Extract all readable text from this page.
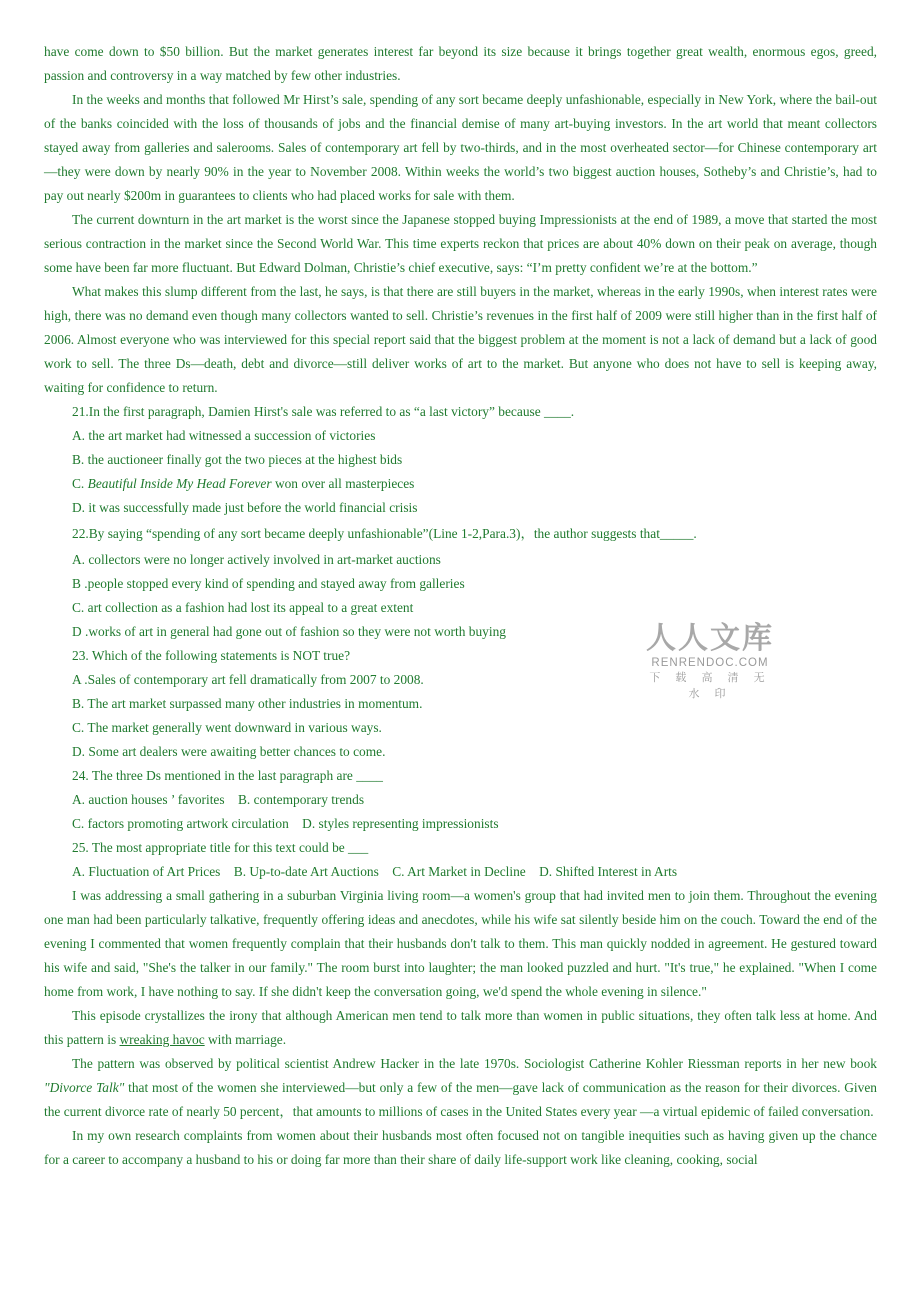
have come down to $50 billion. But the market generates interest far beyond its size because it brings together great wealth, enormous egos, greed,

passion and controversy in a way matched by few other industries.

In the weeks and months that followed Mr Hirst’s sale, spending of any sort became deeply unfashionable, especially in New York, where the bail-out of the banks coincided with the loss of thousands of jobs and the financial demise of many art-buying investors. In the art world that meant collectors stayed away from galleries and salerooms. Sales of contemporary art fell by two-thirds, and in the most overheated sector—for Chinese contemporary art—they were down by nearly 90% in the year to November 2008. Within weeks the world’s two biggest auction houses, Sotheby’s and Christie’s, had to pay out nearly $200m in guarantees to clients who had placed works for sale with them.

The current downturn in the art market is the worst since the Japanese stopped buying Impressionists at the end of 1989, a move that started the most serious contraction in the market since the Second World War. This time experts reckon that prices are about 40% down on their peak on average, though some have been far more fluctuant. But Edward Dolman, Christie’s chief executive, says: “I’m pretty confident we’re at the bottom.”

What makes this slump different from the last, he says, is that there are still buyers in the market, whereas in the early 1990s, when interest rates were high, there was no demand even though many collectors wanted to sell. Christie’s revenues in the first half of 2009 were still higher than in the first half of 2006. Almost everyone who was interviewed for this special report said that the biggest problem at the moment is not a lack of demand but a lack of good work to sell. The three Ds—death, debt and divorce—still deliver works of art to the market. But anyone who does not have to sell is keeping away, waiting for confidence to return.

21.In the first paragraph, Damien Hirst's sale was referred to as “a last victory” because ____.

A. the art market had witnessed a succession of victories

B. the auctioneer finally got the two pieces at the highest bids

C. Beautiful Inside My Head Forever won over all masterpieces

D. it was successfully made just before the world financial crisis

22.By saying “spending of any sort became deeply unfashionable”(Line 1-2,Para.3)，the author suggests that_____.

A. collectors were no longer actively involved in art-market auctions

B .people stopped every kind of spending and stayed away from galleries

C. art collection as a fashion had lost its appeal to a great extent

D .works of art in general had gone out of fashion so they were not worth buying

23. Which of the following statements is NOT true?

A .Sales of contemporary art fell dramatically from 2007 to 2008.

B. The art market surpassed many other industries in momentum.

C. The market generally went downward in various ways.

D. Some art dealers were awaiting better chances to come.

24. The three Ds mentioned in the last paragraph are ____

A. auction houses ’ favorites    B. contemporary trends

C. factors promoting artwork circulation    D. styles representing impressionists

25. The most appropriate title for this text could be ___

A. Fluctuation of Art Prices    B. Up-to-date Art Auctions    C. Art Market in Decline    D. Shifted Interest in Arts

I was addressing a small gathering in a suburban Virginia living room—a women's group that had invited men to join them. Throughout the evening one man had been particularly talkative, frequently offering ideas and anecdotes, while his wife sat silently beside him on the couch. Toward the end of the evening I commented that women frequently complain that their husbands don't talk to them. This man quickly nodded in agreement. He gestured toward his wife and said, "She's the talker in our family." The room burst into laughter; the man looked puzzled and hurt. "It's true," he explained. "When I come home from work, I have nothing to say. If she didn't keep the conversation going, we'd spend the whole evening in silence."

This episode crystallizes the irony that although American men tend to talk more than women in public situations, they often talk less at home. And this pattern is wreaking havoc with marriage.

The pattern was observed by political scientist Andrew Hacker in the late 1970s. Sociologist Catherine Kohler Riessman reports in her new book "Divorce Talk" that most of the women she interviewed—but only a few of the men—gave lack of communication as the reason for their divorces. Given the current divorce rate of nearly 50 percent，that amounts to millions of cases in the United States every year —a virtual epidemic of failed conversation.

In my own research complaints from women about their husbands most often focused not on tangible inequities such as having given up the chance for a career to accompany a husband to his or doing far more than their share of daily life-support work like cleaning, cooking, social

人人文库
RENRENDOC.COM
下 载 高 清 无 水 印
